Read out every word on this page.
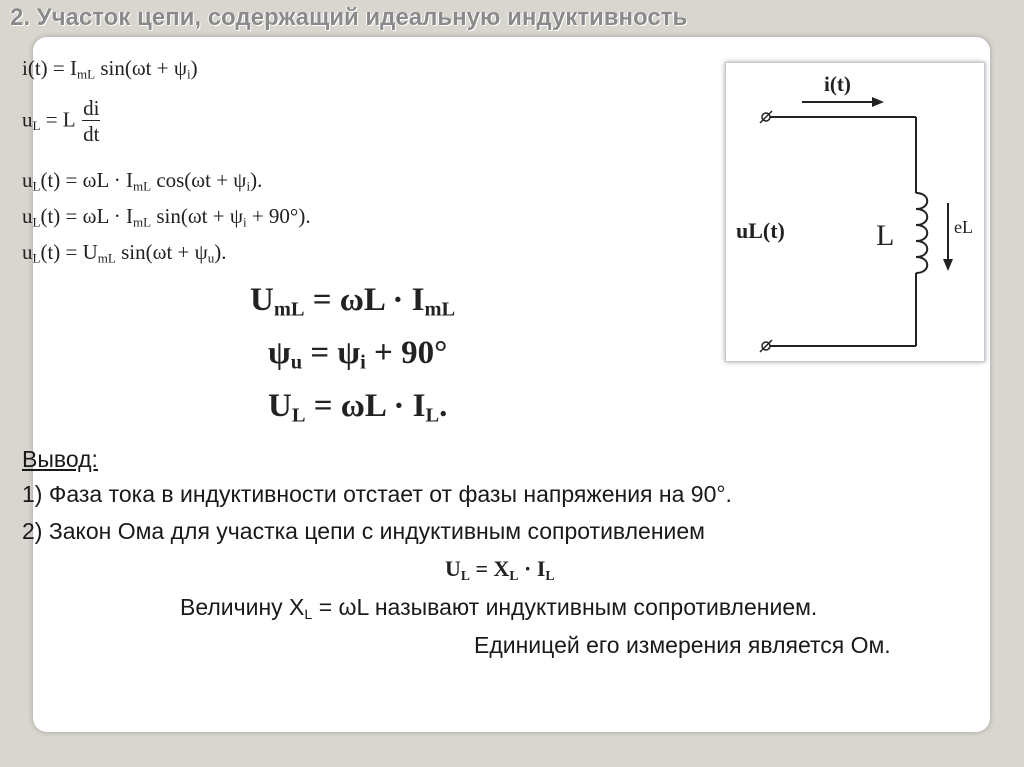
2. Участок цепи, содержащий идеальную индуктивность
$i(t) = I_{mL}$ $\sin(\omega t + \psi_i)$
$u_L = L \frac{di}{dt}$
$u_L(t) = \omega L \cdot I_{mL}$ $\cos(\omega t + \psi_i)$.
$u_L(t) = \omega L \cdot I_{mL}$ $\sin(\omega t + \psi_i + 90^\circ)$.
$u_L(t) = U_{mL}$ $\sin(\omega t + \psi_u)$.
$U_{mL} = \omega L \cdot I_{mL}$
$\psi_u = \psi_i + 90^\circ$
$U_L = \omega L \cdot I_L$.
Вывод:
1) Фаза тока в индуктивности отстает от фазы напряжения на 90°.
2) Закон Ома для участка цепи с индуктивным сопротивлением
$U_L = X_L \cdot I_L$
Величину $X_L = \omega L$ называют индуктивным сопротивлением.
Единицей его измерения является Ом.
i(t)
uL(t)	L	eL
